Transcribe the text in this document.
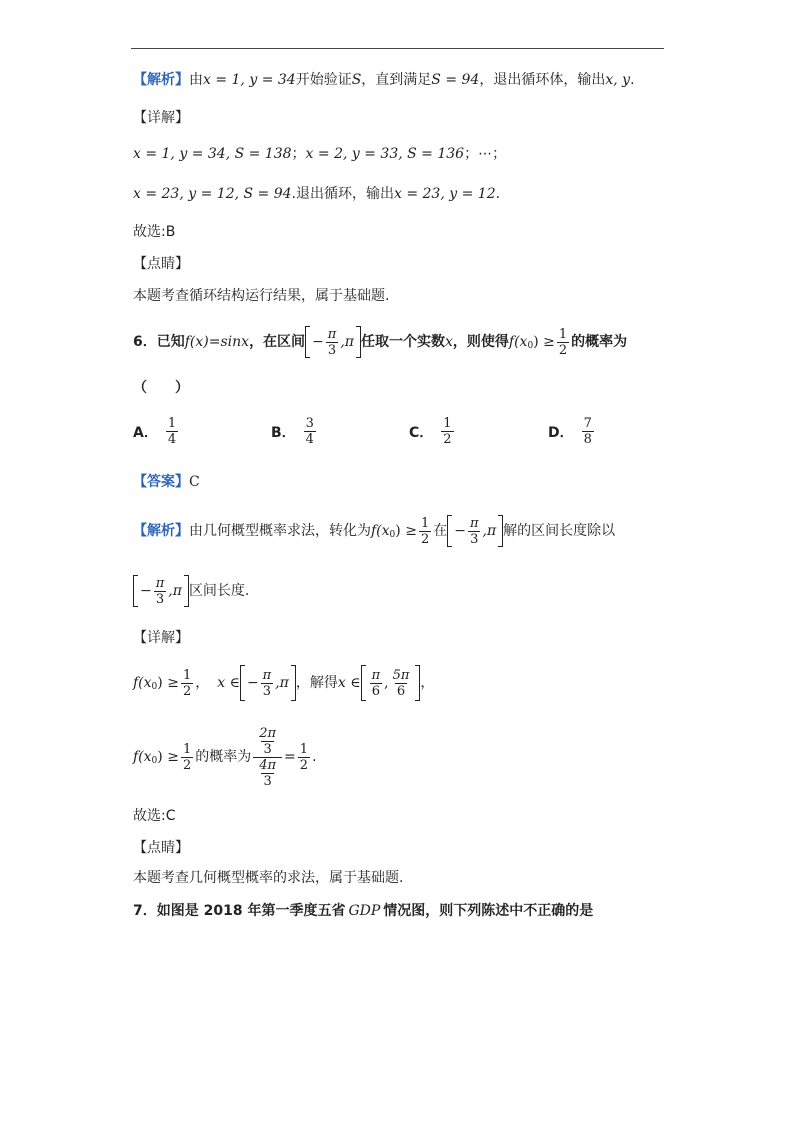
【解析】 由 x = 1, y = 34 开始验证 S ，直到满足 S = 94 ，退出循环体，输出 x, y .
【详解】
x = 1, y = 34, S = 138 ； x = 2, y = 33, S = 136 ； ⋯；
x = 23, y = 12, S = 94 .退出循环，输出 x = 23, y = 12 .
故选:B
【点睛】
本题考查循环结构运行结果，属于基础题.
6．已知 f(x)=sinx ，在区间 − $\frac{\pi}{3} ,\pi$ 任取一个实数 x ，则使得 f(x 0 ) ≥ $\frac{1}{2}$ 的概率为
（　　）
A． $\frac{1}{4}$	B． $\frac{3}{4}$	C． $\frac{1}{2}$	D． $\frac{7}{8}$
【答案】 C
【解析】 由几何概型概率求法，转化为 f(x 0 ) ≥ $\frac{1}{2}$ 在 − $\frac{\pi}{3} ,\pi$ 解的区间长度除以
− $\frac{\pi}{3} ,\pi$ 区间长度.
【详解】
f(x 0 ) ≥ $\frac{1}{2}$ ， x ∈ − $\frac{\pi}{3} ,\pi$ ，解得 x ∈ $\frac{\pi}{6}$ , $\frac{5\pi}{6}$ ，
f(x 0 ) ≥ $\frac{1}{2}$ 的概率为 $\frac{\frac{2\pi}{3}}{\frac{4\pi}{3}} = \frac{1}{2}$ .
故选:C
【点睛】
本题考查几何概型概率的求法，属于基础题.
7．如图是 2018 年第一季度五省 GDP 情况图，则下列陈述中不正确的是
